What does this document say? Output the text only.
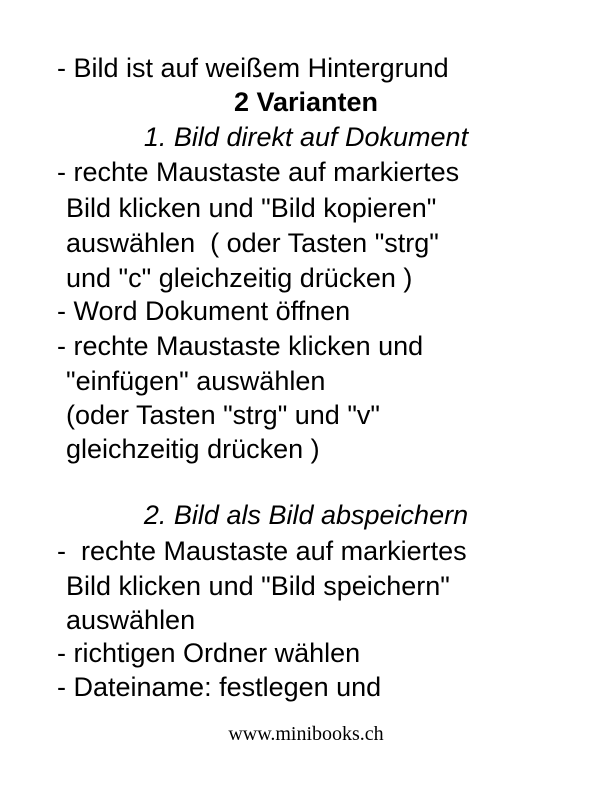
- Bild ist auf weißem Hintergrund
2 Varianten
1. Bild direkt auf Dokument
- rechte Maustaste auf markiertes
Bild klicken und "Bild kopieren"
auswählen  ( oder Tasten "strg"
und "c" gleichzeitig drücken )
- Word Dokument öffnen
- rechte Maustaste klicken und
"einfügen" auswählen
(oder Tasten "strg" und "v"
gleichzeitig drücken )
2. Bild als Bild abspeichern
-  rechte Maustaste auf markiertes
Bild klicken und "Bild speichern"
auswählen
- richtigen Ordner wählen
- Dateiname: festlegen und
www.minibooks.ch
